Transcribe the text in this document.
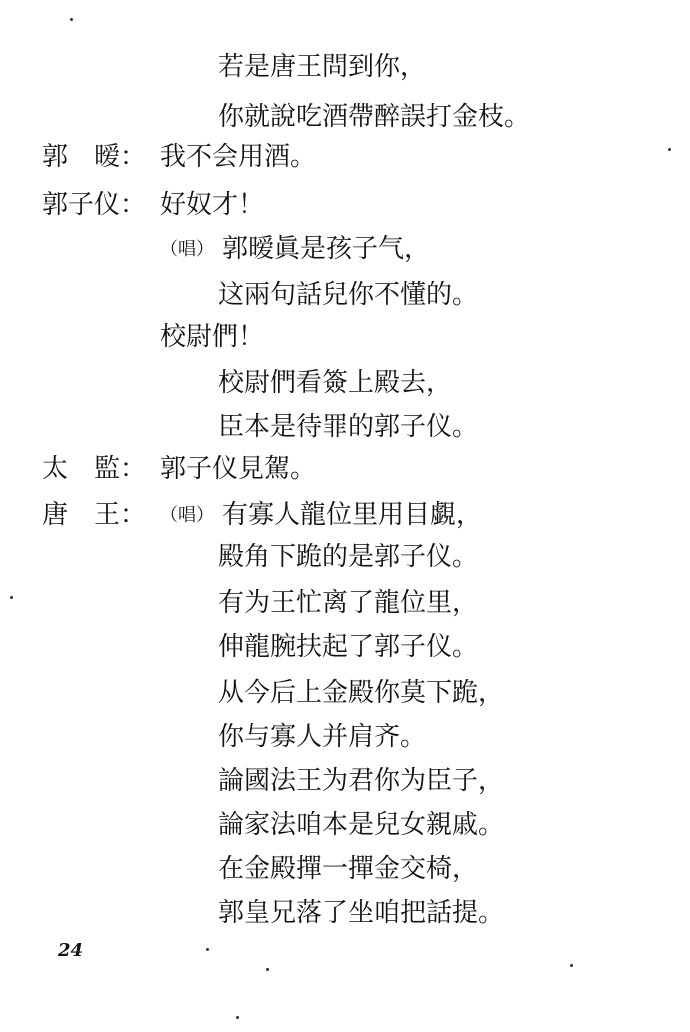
若是唐王問到你，
你就說吃酒帶醉誤打金枝。
郭　暧： 我不会用酒。
郭子仪： 好奴才！
（唱） 郭暧眞是孩子气，
这兩句話兒你不懂的。
校尉們！
校尉們看簽上殿去，
臣本是待罪的郭子仪。
太　監： 郭子仪見駕。
唐　王： （唱） 有寡人龍位里用目覷，
殿角下跪的是郭子仪。
有为王忙离了龍位里，
伸龍腕扶起了郭子仪。
从今后上金殿你莫下跪，
你与寡人并肩齐。
論國法王为君你为臣子，
論家法咱本是兒女親戚。
在金殿撣一撣金交椅，
郭皇兄落了坐咱把話提。
24
